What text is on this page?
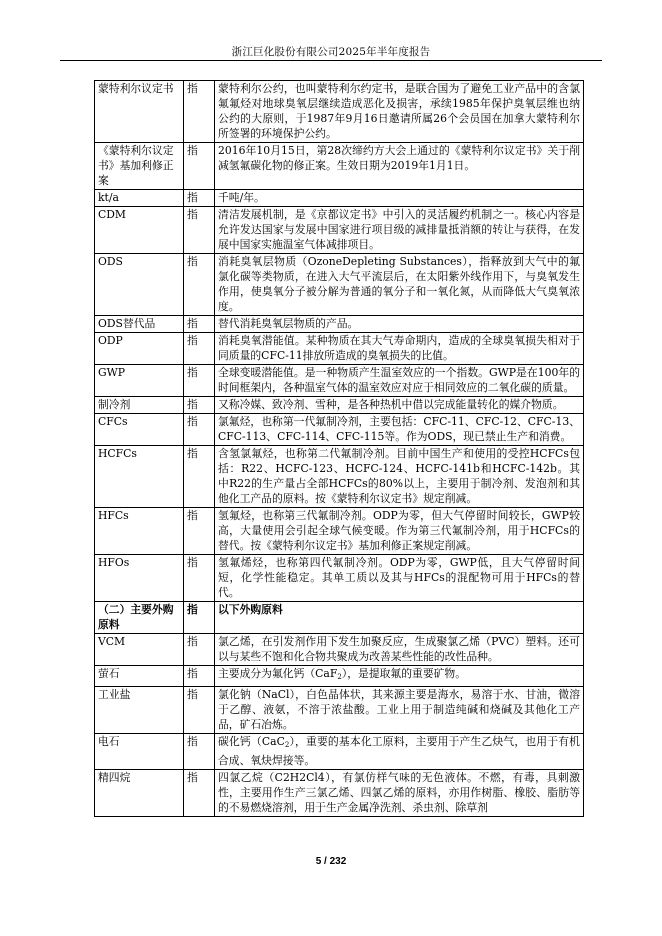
浙江巨化股份有限公司2025年半年度报告
蒙特利尔议定书	指	蒙特利尔公约，也叫蒙特利尔约定书，是联合国为了避免工业产品中的含氯氟氟烃对地球臭氧层继续造成恶化及损害，承续1985年保护臭氧层维也纳公约的大原则，于1987年9月16日邀请所属26个会员国在加拿大蒙特利尔所签署的环境保护公约。
《蒙特利尔议定书》基加利修正案	指	2016年10月15日，第28次缔约方大会上通过的《蒙特利尔议定书》关于削减氢氟碳化物的修正案。生效日期为2019年1月1日。
kt/a	指	千吨/年。
CDM	指	清洁发展机制，是《京都议定书》中引入的灵活履约机制之一。核心内容是允许发达国家与发展中国家进行项目级的减排量抵消额的转让与获得，在发展中国家实施温室气体减排项目。
ODS	指	消耗臭氧层物质（OzoneDepleting Substances），指释放到大气中的氟氯化碳等类物质，在进入大气平流层后，在太阳紫外线作用下，与臭氧发生作用，使臭氧分子被分解为普通的氧分子和一氧化氮，从而降低大气臭氧浓度。
ODS替代品	指	替代消耗臭氧层物质的产品。
ODP	指	消耗臭氧潜能值。某种物质在其大气寿命期内，造成的全球臭氧损失相对于同质量的CFC-11排放所造成的臭氧损失的比值。
GWP	指	全球变暖潜能值。是一种物质产生温室效应的一个指数。GWP是在100年的时间框架内，各种温室气体的温室效应对应于相同效应的二氧化碳的质量。
制冷剂	指	又称冷媒、致冷剂、雪种，是各种热机中借以完成能量转化的媒介物质。
CFCs	指	氯氟烃，也称第一代氟制冷剂，主要包括：CFC-11、CFC-12、CFC-13、CFC-113、CFC-114、CFC-115等。作为ODS，现已禁止生产和消费。
HCFCs	指	含氢氯氟烃，也称第二代氟制冷剂。目前中国生产和使用的受控HCFCs包括：R22、HCFC-123、HCFC-124、HCFC-141b和HCFC-142b。其中R22的生产量占全部HCFCs的80%以上，主要用于制冷剂、发泡剂和其他化工产品的原料。按《蒙特利尔议定书》规定削减。
HFCs	指	氢氟烃，也称第三代氟制冷剂。ODP为零，但大气停留时间较长，GWP较高，大量使用会引起全球气候变暖。作为第三代氟制冷剂，用于HCFCs的替代。按《蒙特利尔议定书》基加利修正案规定削减。
HFOs	指	氢氟烯烃，也称第四代氟制冷剂。ODP为零，GWP低，且大气停留时间短，化学性能稳定。其单工质以及其与HFCs的混配物可用于HFCs的替代。
（二）主要外购原料	指	以下外购原料
VCM	指	氯乙烯，在引发剂作用下发生加聚反应，生成聚氯乙烯（PVC）塑料。还可以与某些不饱和化合物共聚成为改善某些性能的改性品种。
萤石	指	主要成分为氟化钙（CaF$_2$），是提取氟的重要矿物。
工业盐	指	氯化钠（NaCl），白色晶体状，其来源主要是海水，易溶于水、甘油，微溶于乙醇、液氨，不溶于浓盐酸。工业上用于制造纯碱和烧碱及其他化工产品，矿石冶炼。
电石	指	碳化钙（CaC$_2$），重要的基本化工原料，主要用于产生乙炔气，也用于有机合成、氧炔焊接等。
精四烷	指	四氯乙烷（C2H2Cl4），有氯仿样气味的无色液体。不燃，有毒，具刺激性，主要用作生产三氯乙烯、四氯乙烯的原料，亦用作树脂、橡胶、脂肪等的不易燃烧溶剂，用于生产金属净洗剂、杀虫剂、除草剂
5 / 232
